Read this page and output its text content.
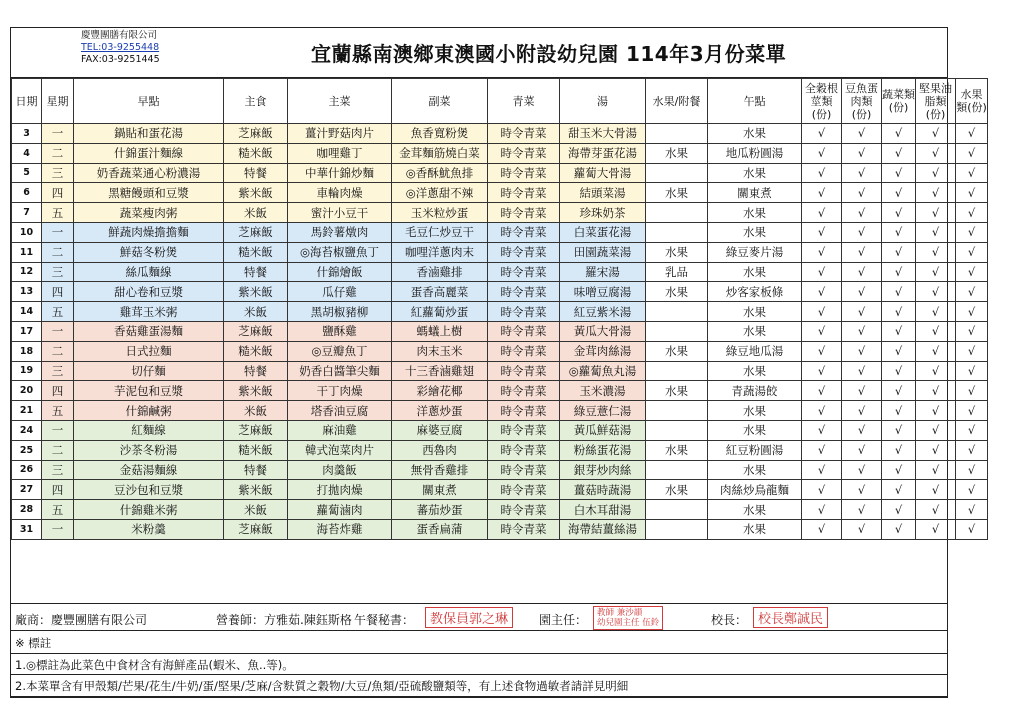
慶豐團膳有限公司
TEL:03-9255448
FAX:03-9251445	宜蘭縣南澳鄉東澳國小附設幼兒園 114年3月份菜單
日期	星期	早點	主食	主菜	副菜	青菜	湯	水果/附餐	午點	全穀根莖類(份)	豆魚蛋肉類(份)	蔬菜類(份)	堅果油脂類(份)	水果類(份)
3	一	鍋貼和蛋花湯	芝麻飯	薑汁野菇肉片	魚香寬粉煲	時令青菜	甜玉米大骨湯		水果	√	√	√	√	√
4	二	什錦蛋汁麵線	糙米飯	咖哩雞丁	金茸麵筋燒白菜	時令青菜	海帶芽蛋花湯	水果	地瓜粉圓湯	√	√	√	√	√
5	三	奶香蔬菜通心粉濃湯	特餐	中華什錦炒麵	◎香酥魷魚排	時令青菜	蘿蔔大骨湯		水果	√	√	√	√	√
6	四	黑糖饅頭和豆漿	紫米飯	車輪肉燥	◎洋蔥甜不辣	時令青菜	結頭菜湯	水果	關東煮	√	√	√	√	√
7	五	蔬菜瘦肉粥	米飯	蜜汁小豆干	玉米粒炒蛋	時令青菜	珍珠奶茶		水果	√	√	√	√	√
10	一	鮮蔬肉燥擔擔麵	芝麻飯	馬鈴薯燉肉	毛豆仁炒豆干	時令青菜	白菜蛋花湯		水果	√	√	√	√	√
11	二	鮮菇冬粉煲	糙米飯	◎海苔椒鹽魚丁	咖哩洋蔥肉末	時令青菜	田園蔬菜湯	水果	綠豆麥片湯	√	√	√	√	√
12	三	絲瓜麵線	特餐	什錦燴飯	香滷雞排	時令青菜	羅宋湯	乳品	水果	√	√	√	√	√
13	四	甜心卷和豆漿	紫米飯	瓜仔雞	蛋香高麗菜	時令青菜	味噌豆腐湯	水果	炒客家板條	√	√	√	√	√
14	五	雞茸玉米粥	米飯	黑胡椒豬柳	紅蘿蔔炒蛋	時令青菜	紅豆紫米湯		水果	√	√	√	√	√
17	一	香菇雞蛋湯麵	芝麻飯	鹽酥雞	螞蟻上樹	時令青菜	黃瓜大骨湯		水果	√	√	√	√	√
18	二	日式拉麵	糙米飯	◎豆瓣魚丁	肉末玉米	時令青菜	金茸肉絲湯	水果	綠豆地瓜湯	√	√	√	√	√
19	三	切仔麵	特餐	奶香白醬筆尖麵	十三香滷雞翅	時令青菜	◎蘿蔔魚丸湯		水果	√	√	√	√	√
20	四	芋泥包和豆漿	紫米飯	干丁肉燥	彩繪花椰	時令青菜	玉米濃湯	水果	青蔬湯餃	√	√	√	√	√
21	五	什錦鹹粥	米飯	塔香油豆腐	洋蔥炒蛋	時令青菜	綠豆薏仁湯		水果	√	√	√	√	√
24	一	紅麵線	芝麻飯	麻油雞	麻婆豆腐	時令青菜	黃瓜鮮菇湯		水果	√	√	√	√	√
25	二	沙茶冬粉湯	糙米飯	韓式泡菜肉片	西魯肉	時令青菜	粉絲蛋花湯	水果	紅豆粉圓湯	√	√	√	√	√
26	三	金菇湯麵線	特餐	肉羹飯	無骨香雞排	時令青菜	銀芽炒肉絲		水果	√	√	√	√	√
27	四	豆沙包和豆漿	紫米飯	打拋肉燥	關東煮	時令青菜	薑菇時蔬湯	水果	肉絲炒鳥龍麵	√	√	√	√	√
28	五	什錦雞米粥	米飯	蘿蔔滷肉	蕃茄炒蛋	時令青菜	白木耳甜湯		水果	√	√	√	√	√
31	一	米粉羹	芝麻飯	海苔炸雞	蛋香扁蒲	時令青菜	海帶結薑絲湯		水果	√	√	√	√	√
廠商：慶豐團膳有限公司	營養師：方雅茹.陳鈺斯格 午餐秘書：	教保員郭之琳	園主任： 教師 兼沙韻
幼兒園主任 伍鈴	校長： 校長鄭誠民
※ 標註
1.◎標註為此菜色中食材含有海鮮產品(蝦米、魚..等)。
2.本菜單含有甲殼類/芒果/花生/牛奶/蛋/堅果/芝麻/含麩質之穀物/大豆/魚類/亞硫酸鹽類等，有上述食物過敏者請詳見明細
